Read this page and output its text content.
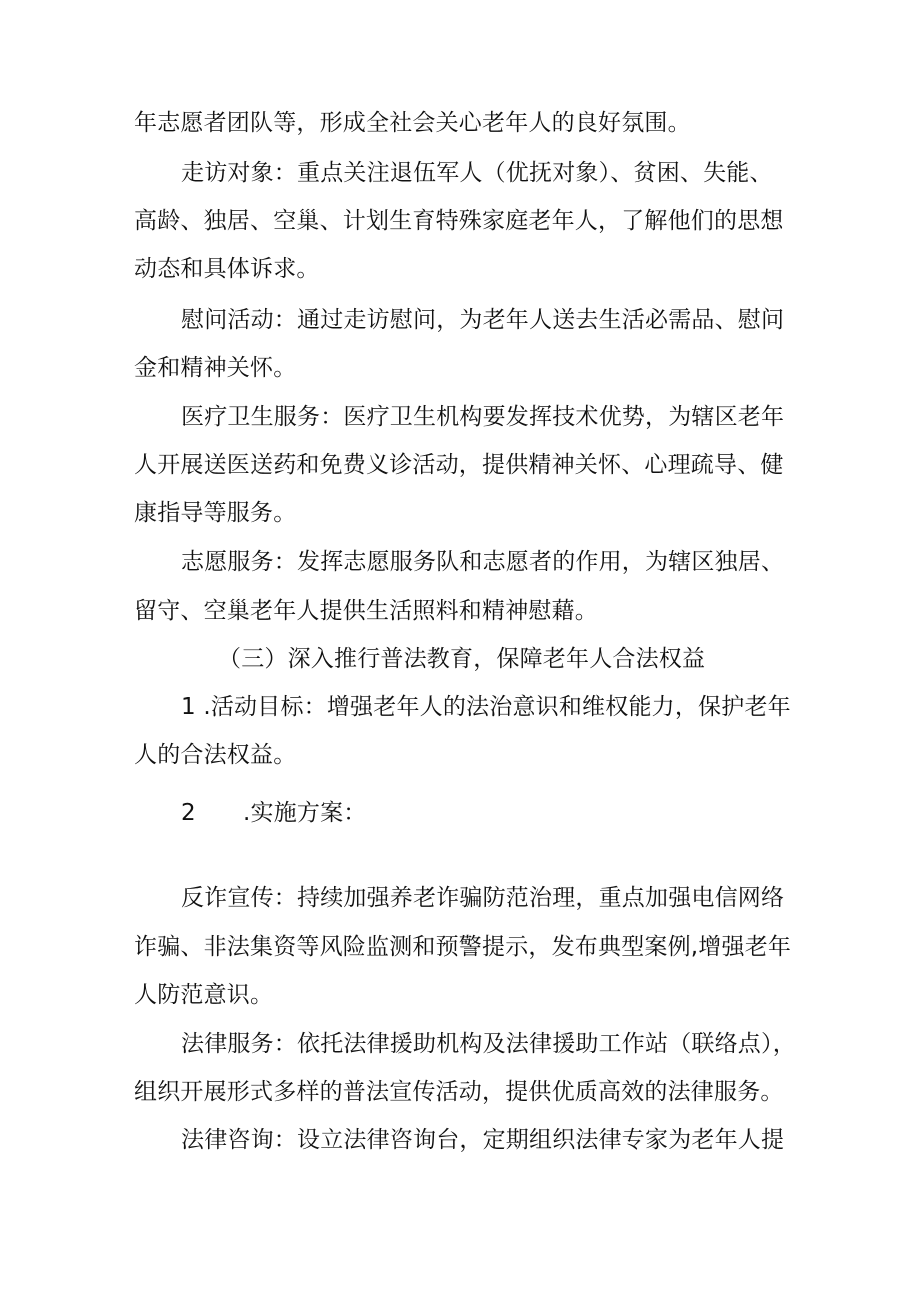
年志愿者团队等，形成全社会关心老年人的良好氛围。
走访对象：重点关注退伍军人（优抚对象）、贫困、失能、
高龄、独居、空巢、计划生育特殊家庭老年人，了解他们的思想
动态和具体诉求。
慰问活动：通过走访慰问，为老年人送去生活必需品、慰问
金和精神关怀。
医疗卫生服务：医疗卫生机构要发挥技术优势，为辖区老年
人开展送医送药和免费义诊活动，提供精神关怀、心理疏导、健
康指导等服务。
志愿服务：发挥志愿服务队和志愿者的作用，为辖区独居、
留守、空巢老年人提供生活照料和精神慰藉。
（三）深入推行普法教育，保障老年人合法权益
1 .活动目标：增强老年人的法治意识和维权能力，保护老年
人的合法权益。
2 .实施方案：
反诈宣传：持续加强养老诈骗防范治理，重点加强电信网络
诈骗、非法集资等风险监测和预警提示，发布典型案例,增强老年
人防范意识。
法律服务：依托法律援助机构及法律援助工作站（联络点），
组织开展形式多样的普法宣传活动，提供优质高效的法律服务。
法律咨询：设立法律咨询台，定期组织法律专家为老年人提
